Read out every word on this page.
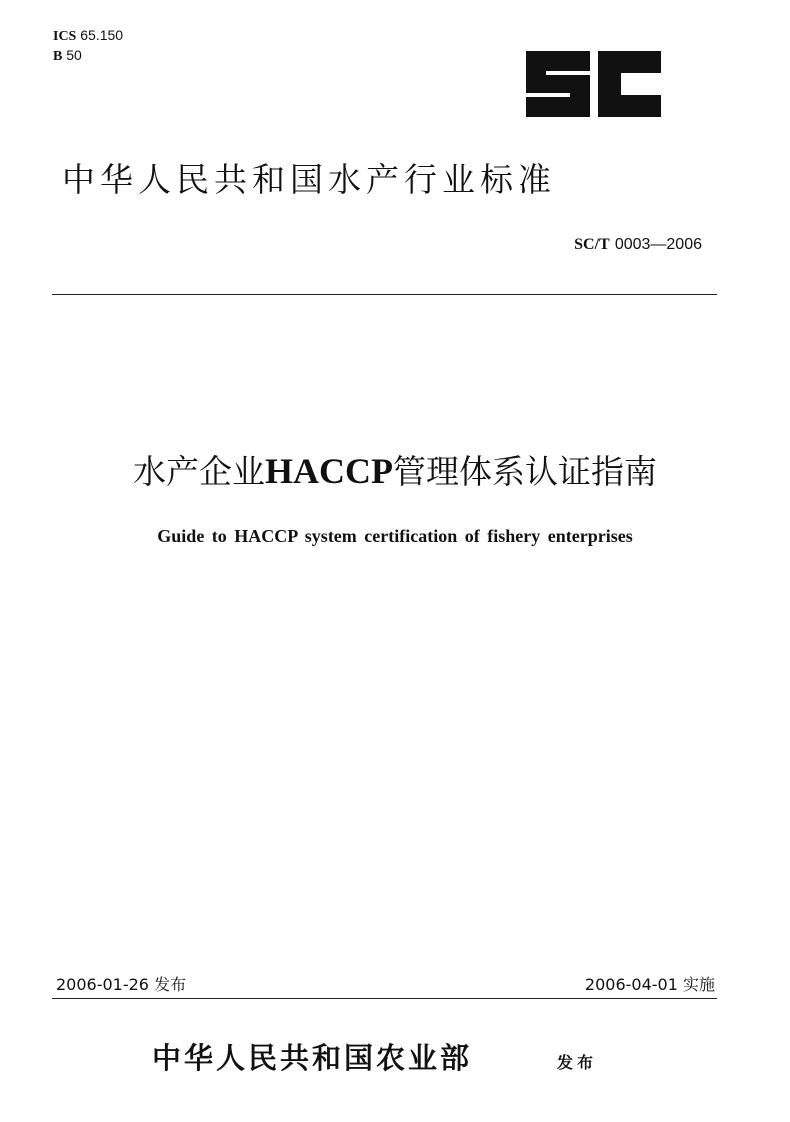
ICS 65.150
B 50
中华人民共和国水产行业标准
SC/T 0003—2006
水产企业HACCP管理体系认证指南
Guide to HACCP system certification of fishery enterprises
2006-01-26 发布	2006-04-01 实施
中华人民共和国农业部	发布
